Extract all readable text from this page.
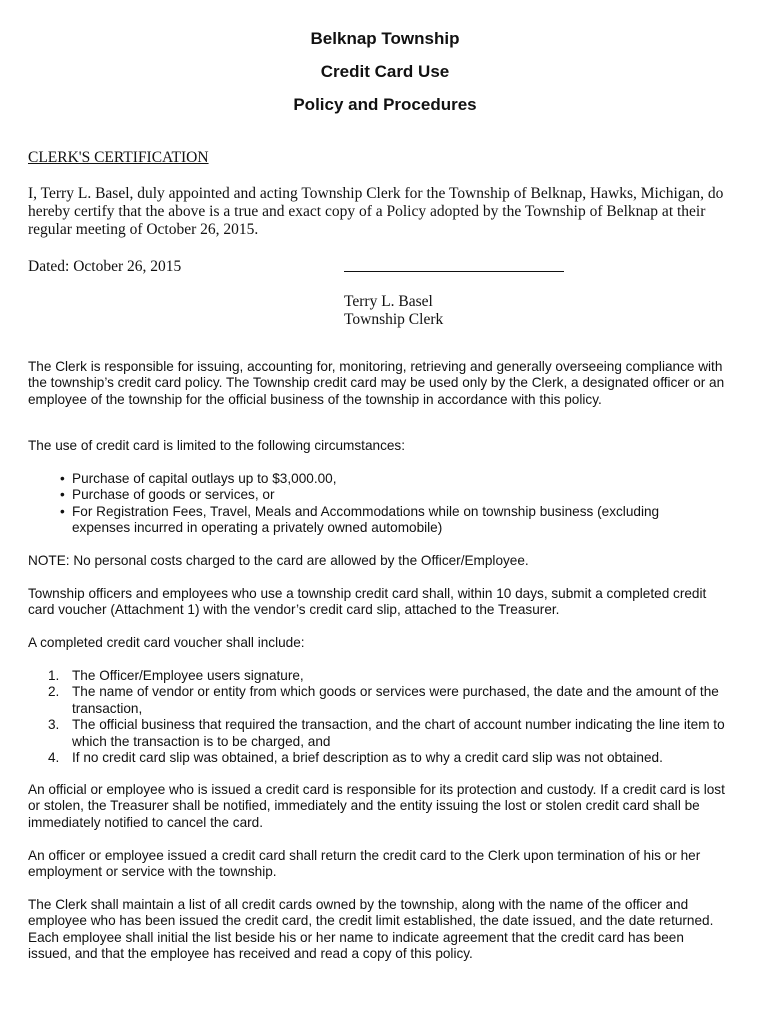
Belknap Township
Credit Card Use
Policy and Procedures
CLERK'S CERTIFICATION
I, Terry L. Basel, duly appointed and acting Township Clerk for the Township of Belknap, Hawks, Michigan, do hereby certify that the above is a true and exact copy of a Policy adopted by the Township of Belknap at their regular meeting of October 26, 2015.
Dated: October 26, 2015
Terry L. Basel
Township Clerk

The Clerk is responsible for issuing, accounting for, monitoring, retrieving and generally overseeing compliance with the township’s credit card policy. The Township credit card may be used only by the Clerk, a designated officer or an employee of the township for the official business of the township in accordance with this policy.

The use of credit card is limited to the following circumstances:

• Purchase of capital outlays up to $3,000.00,
• Purchase of goods or services, or
• For Registration Fees, Travel, Meals and Accommodations while on township business (excluding expenses incurred in operating a privately owned automobile)

NOTE: No personal costs charged to the card are allowed by the Officer/Employee.

Township officers and employees who use a township credit card shall, within 10 days, submit a completed credit card voucher (Attachment 1) with the vendor’s credit card slip, attached to the Treasurer.

A completed credit card voucher shall include:

1. The Officer/Employee users signature,
2. The name of vendor or entity from which goods or services were purchased, the date and the amount of the transaction,
3. The official business that required the transaction, and the chart of account number indicating the line item to which the transaction is to be charged, and
4. If no credit card slip was obtained, a brief description as to why a credit card slip was not obtained.

An official or employee who is issued a credit card is responsible for its protection and custody. If a credit card is lost or stolen, the Treasurer shall be notified, immediately and the entity issuing the lost or stolen credit card shall be immediately notified to cancel the card.

An officer or employee issued a credit card shall return the credit card to the Clerk upon termination of his or her employment or service with the township.

The Clerk shall maintain a list of all credit cards owned by the township, along with the name of the officer and employee who has been issued the credit card, the credit limit established, the date issued, and the date returned. Each employee shall initial the list beside his or her name to indicate agreement that the credit card has been issued, and that the employee has received and read a copy of this policy.
